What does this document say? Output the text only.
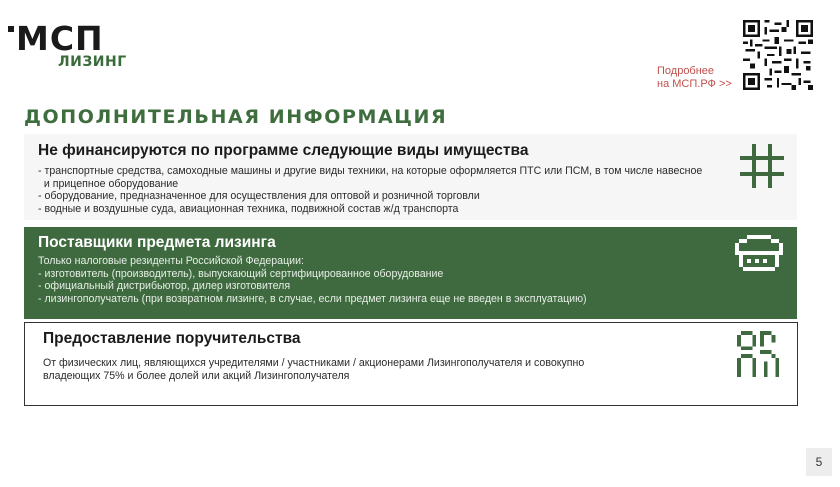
МСП
ЛИЗИНГ
Подробнее
на МСП.РФ >>
ДОПОЛНИТЕЛЬНАЯ ИНФОРМАЦИЯ
Не финансируются по программе следующие виды имущества
- транспортные средства, самоходные машины и другие виды техники, на которые оформляется ПТС или ПСМ, в том числе навесное
и прицепное оборудование
- оборудование, предназначенное для осуществления для оптовой и розничной торговли
- водные и воздушные суда, авиационная техника, подвижной состав ж/д транспорта
Поставщики предмета лизинга
Только налоговые резиденты Российской Федерации:
- изготовитель (производитель), выпускающий сертифицированное оборудование
- официальный дистрибьютор, дилер изготовителя
- лизингополучатель (при возвратном лизинге, в случае, если предмет лизинга еще не введен в эксплуатацию)
Предоставление поручительства
От физических лиц, являющихся учредителями / участниками / акционерами Лизингополучателя и совокупно
владеющих 75% и более долей или акций Лизингополучателя
5
